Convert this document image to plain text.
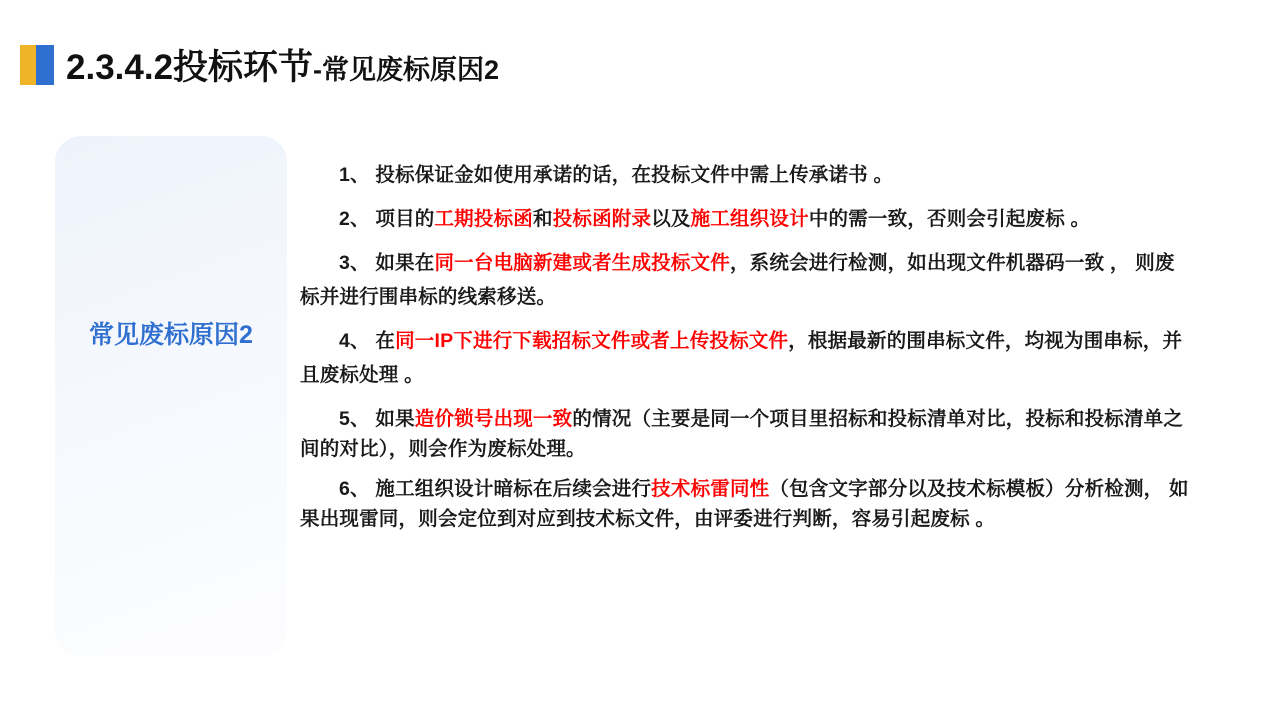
2.3.4.2投标环节-常见废标原因2
常见废标原因2

1、 投标保证金如使用承诺的话，在投标文件中需上传承诺书 。

2、 项目的工期投标函和投标函附录以及施工组织设计中的需一致，否则会引起废标 。

3、 如果在同一台电脑新建或者生成投标文件，系统会进行检测，如出现文件机器码一致 ， 则废标并进行围串标的线索移送。

4、 在同一IP下进行下载招标文件或者上传投标文件，根据最新的围串标文件，均视为围串标，并且废标处理 。

5、 如果造价锁号出现一致的情况（主要是同一个项目里招标和投标清单对比，投标和投标清单之间的对比），则会作为废标处理。

6、 施工组织设计暗标在后续会进行技术标雷同性（包含文字部分以及技术标模板）分析检测， 如果出现雷同，则会定位到对应到技术标文件，由评委进行判断，容易引起废标 。
